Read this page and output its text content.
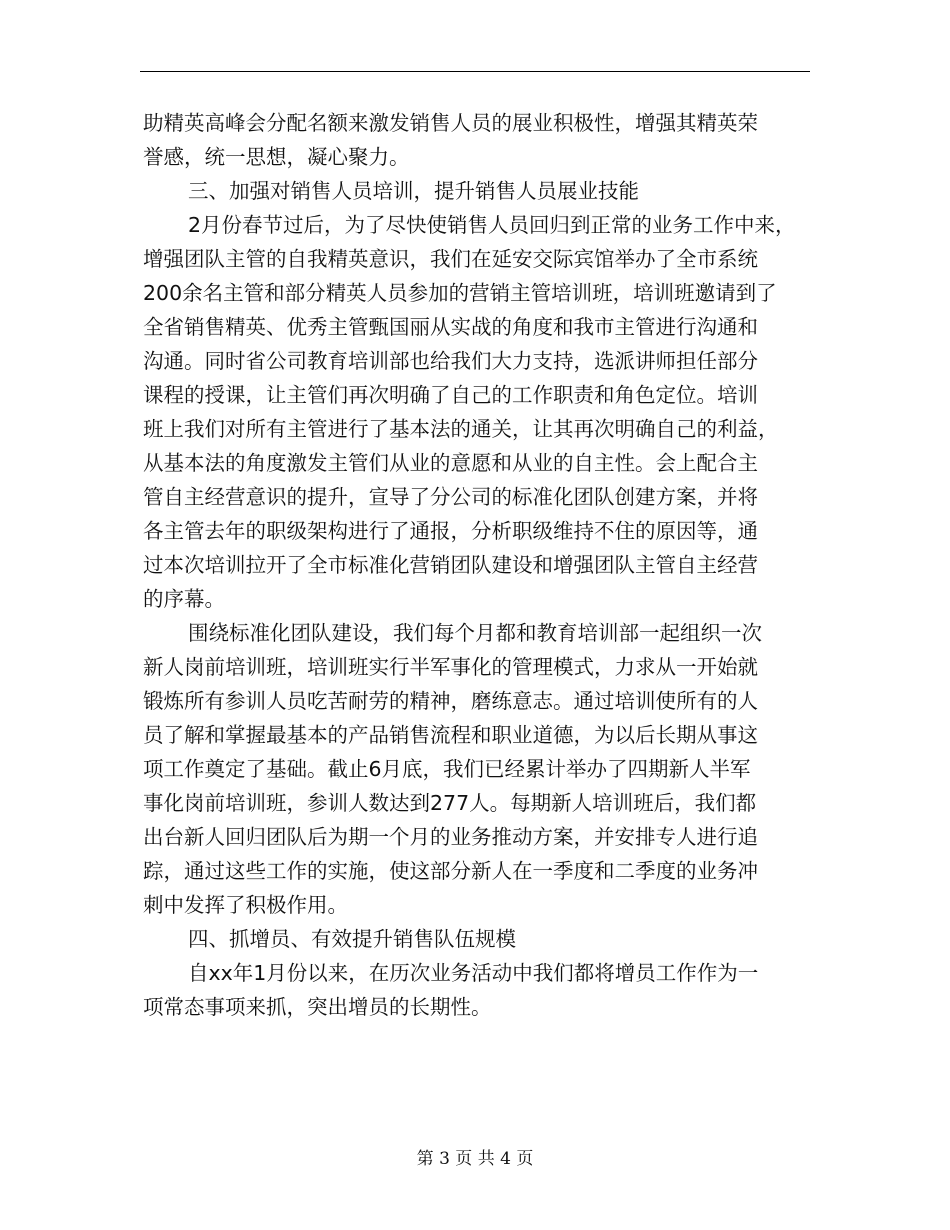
助精英高峰会分配名额来激发销售人员的展业积极性，增强其精英荣
誉感，统一思想，凝心聚力。
三、加强对销售人员培训，提升销售人员展业技能
2月份春节过后，为了尽快使销售人员回归到正常的业务工作中来，
增强团队主管的自我精英意识，我们在延安交际宾馆举办了全市系统
200余名主管和部分精英人员参加的营销主管培训班，培训班邀请到了
全省销售精英、优秀主管甄国丽从实战的角度和我市主管进行沟通和
沟通。同时省公司教育培训部也给我们大力支持，选派讲师担任部分
课程的授课，让主管们再次明确了自己的工作职责和角色定位。培训
班上我们对所有主管进行了基本法的通关，让其再次明确自己的利益，
从基本法的角度激发主管们从业的意愿和从业的自主性。会上配合主
管自主经营意识的提升，宣导了分公司的标准化团队创建方案，并将
各主管去年的职级架构进行了通报，分析职级维持不住的原因等，通
过本次培训拉开了全市标准化营销团队建设和增强团队主管自主经营
的序幕。
围绕标准化团队建设，我们每个月都和教育培训部一起组织一次
新人岗前培训班，培训班实行半军事化的管理模式，力求从一开始就
锻炼所有参训人员吃苦耐劳的精神，磨练意志。通过培训使所有的人
员了解和掌握最基本的产品销售流程和职业道德，为以后长期从事这
项工作奠定了基础。截止6月底，我们已经累计举办了四期新人半军
事化岗前培训班，参训人数达到277人。每期新人培训班后，我们都
出台新人回归团队后为期一个月的业务推动方案，并安排专人进行追
踪，通过这些工作的实施，使这部分新人在一季度和二季度的业务冲
刺中发挥了积极作用。
四、抓增员、有效提升销售队伍规模
自xx年1月份以来，在历次业务活动中我们都将增员工作作为一
项常态事项来抓，突出增员的长期性。
第 3 页 共 4 页
